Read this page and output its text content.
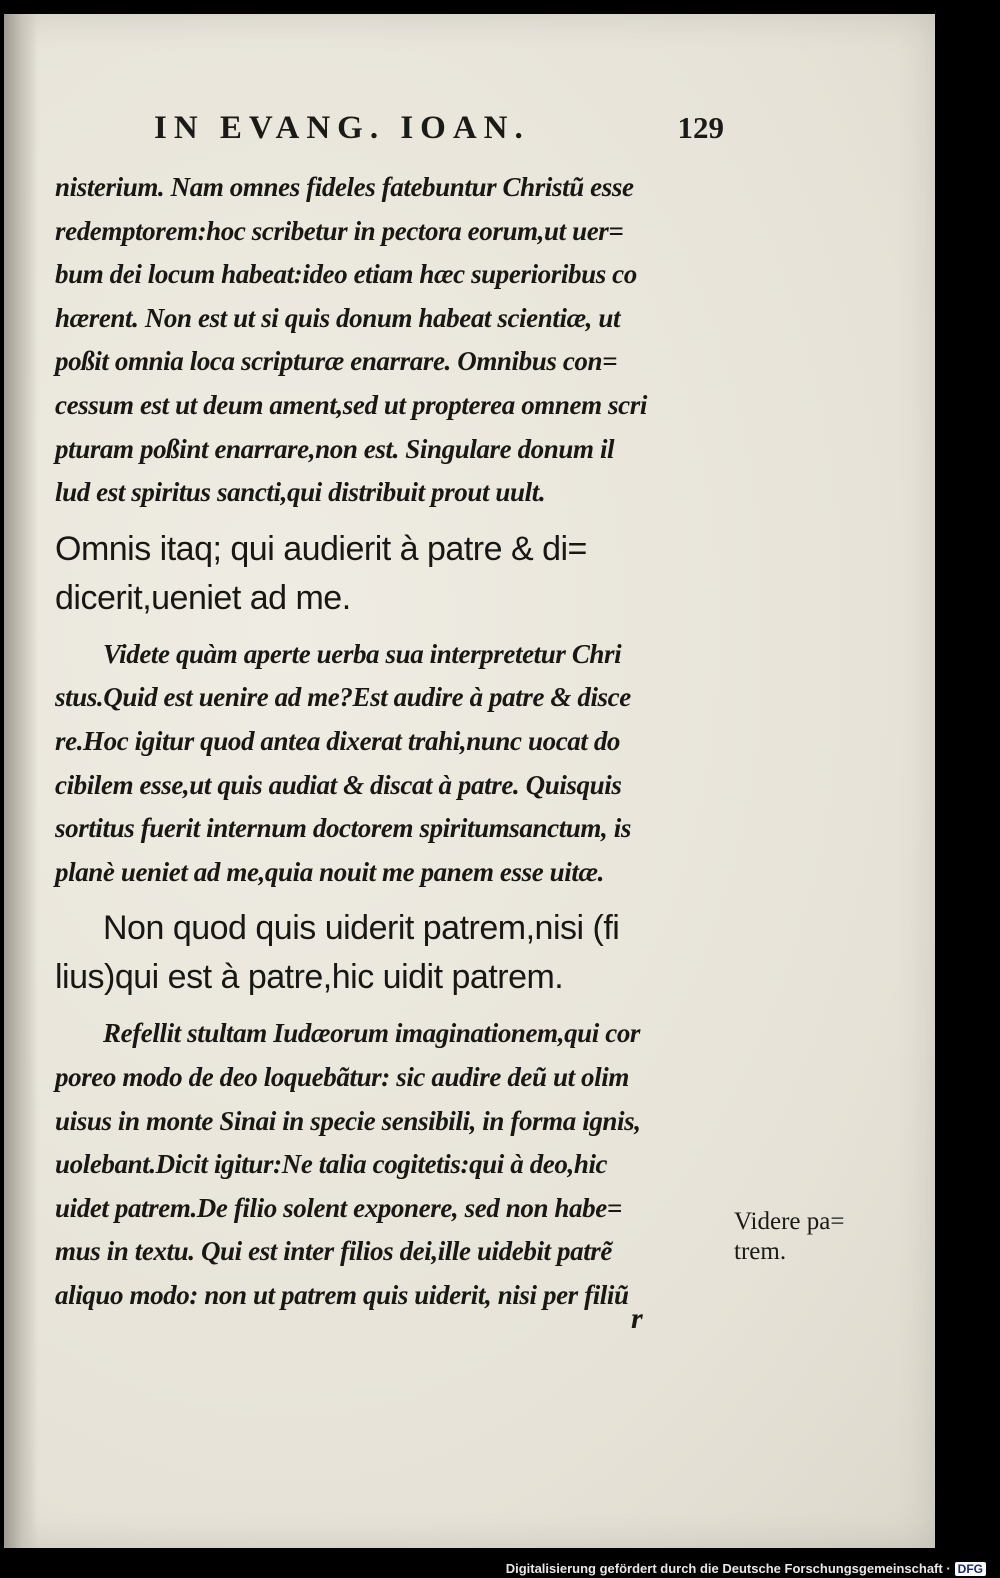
IN EVANG. IOAN.	129
nisterium. Nam omnes fideles fatebuntur Christũ esse
redemptorem:hoc scribetur in pectora eorum,ut uer=
bum dei locum habeat:ideo etiam hæc superioribus co
hærent. Non est ut si quis donum habeat scientiæ, ut
poßit omnia loca scripturæ enarrare. Omnibus con=
cessum est ut deum ament,sed ut propterea omnem scri
pturam poßint enarrare,non est. Singulare donum il
lud est spiritus sancti,qui distribuit prout uult.
Omnis itaq; qui audierit à patre & di=
dicerit,ueniet ad me.
Videte quàm aperte uerba sua interpretetur Chri
stus.Quid est uenire ad me?Est audire à patre & disce
re.Hoc igitur quod antea dixerat trahi,nunc uocat do
cibilem esse,ut quis audiat & discat à patre. Quisquis
sortitus fuerit internum doctorem spiritumsanctum, is
planè ueniet ad me,quia nouit me panem esse uitæ.
Non quod quis uiderit patrem,nisi (fi
lius)qui est à patre,hic uidit patrem.
Refellit stultam Iudæorum imaginationem,qui cor
poreo modo de deo loquebãtur: sic audire deũ ut olim
uisus in monte Sinai in specie sensibili, in forma ignis,
uolebant.Dicit igitur:Ne talia cogitetis:qui à deo,hic
uidet patrem.De filio solent exponere, sed non habe=
mus in textu. Qui est inter filios dei,ille uidebit patrẽ
aliquo modo: non ut patrem quis uiderit, nisi per filiũ
Videre pa=
trem.
r
Digitalisierung gefördert durch die Deutsche Forschungsgemeinschaft · DFG
